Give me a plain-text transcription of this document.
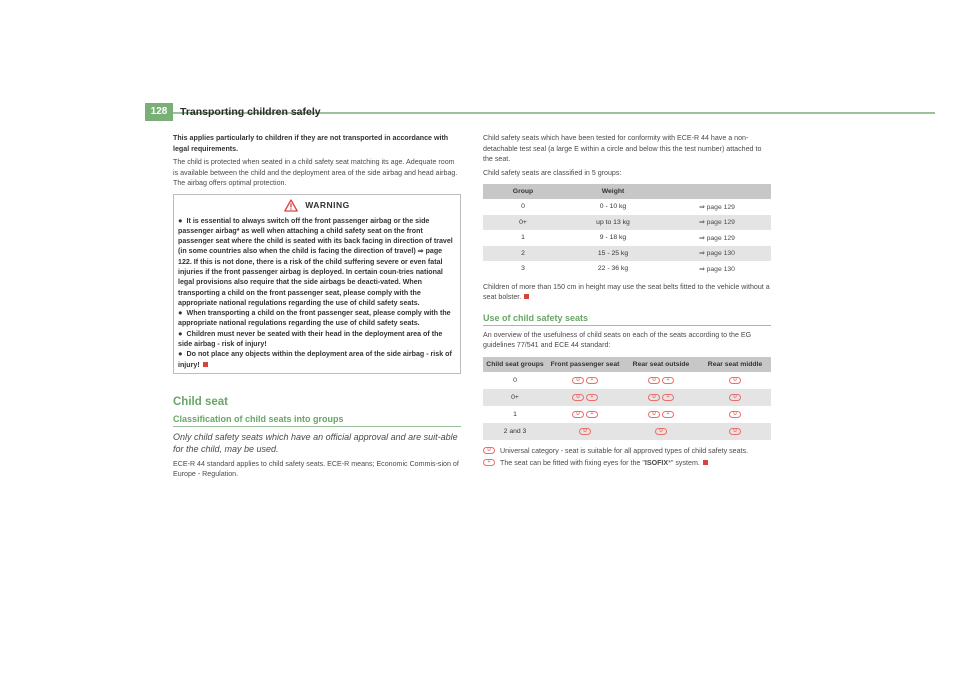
128	Transporting children safely

This applies particularly to children if they are not transported in accordance with legal requirements.

The child is protected when seated in a child safety seat matching its age. Adequate room is available between the child and the deployment area of the side airbag and head airbag. The airbag offers optimal protection.

WARNING

● It is essential to always switch off the front passenger airbag or the side passenger airbag* as well when attaching a child safety seat on the front passenger seat where the child is seated with its back facing in direction of travel (in some countries also when the child is facing the direction of travel) ⇒ page 122. If this is not done, there is a risk of the child suffering severe or even fatal injuries if the front passenger airbag is deployed. In certain coun-tries national legal provisions also require that the side airbags be deacti-vated. When transporting a child on the front passenger seat, please comply with the appropriate national regulations regarding the use of child safety seats.

● When transporting a child on the front passenger seat, please comply with the appropriate national regulations regarding the use of child safety seats.

● Children must never be seated with their head in the deployment area of the side airbag - risk of injury!

● Do not place any objects within the deployment area of the side airbag - risk of injury!

Child seat
Classification of child seats into groups

Only child safety seats which have an official approval and are suit-able for the child, may be used.

ECE-R 44 standard applies to child safety seats. ECE-R means; Economic Commis-sion of Europe - Regulation.

Child safety seats which have been tested for conformity with ECE-R 44 have a non-detachable test seal (a large E within a circle and below this the test number) attached to the seat.

Child safety seats are classified in 5 groups:

Group	Weight	
0	0 - 10 kg	⇒ page 129
0+	up to 13 kg	⇒ page 129
1	9 - 18 kg	⇒ page 129
2	15 - 25 kg	⇒ page 130
3	22 - 36 kg	⇒ page 130

Children of more than 150 cm in height may use the seat belts fitted to the vehicle without a seat bolster.

Use of child safety seats

An overview of the usefulness of child seats on each of the seats according to the EG guidelines 77/541 and ECE 44 standard:

Child seat groups	Front passenger seat	Rear seat outside	Rear seat middle
0	U +	U +	U
0+	U +	U +	U
1	U +	U +	U
2 and 3	U	U	U
U	Universal category - seat is suitable for all approved types of child safety seats.
+	The seat can be fitted with fixing eyes for the " ISOFIX *" system.
